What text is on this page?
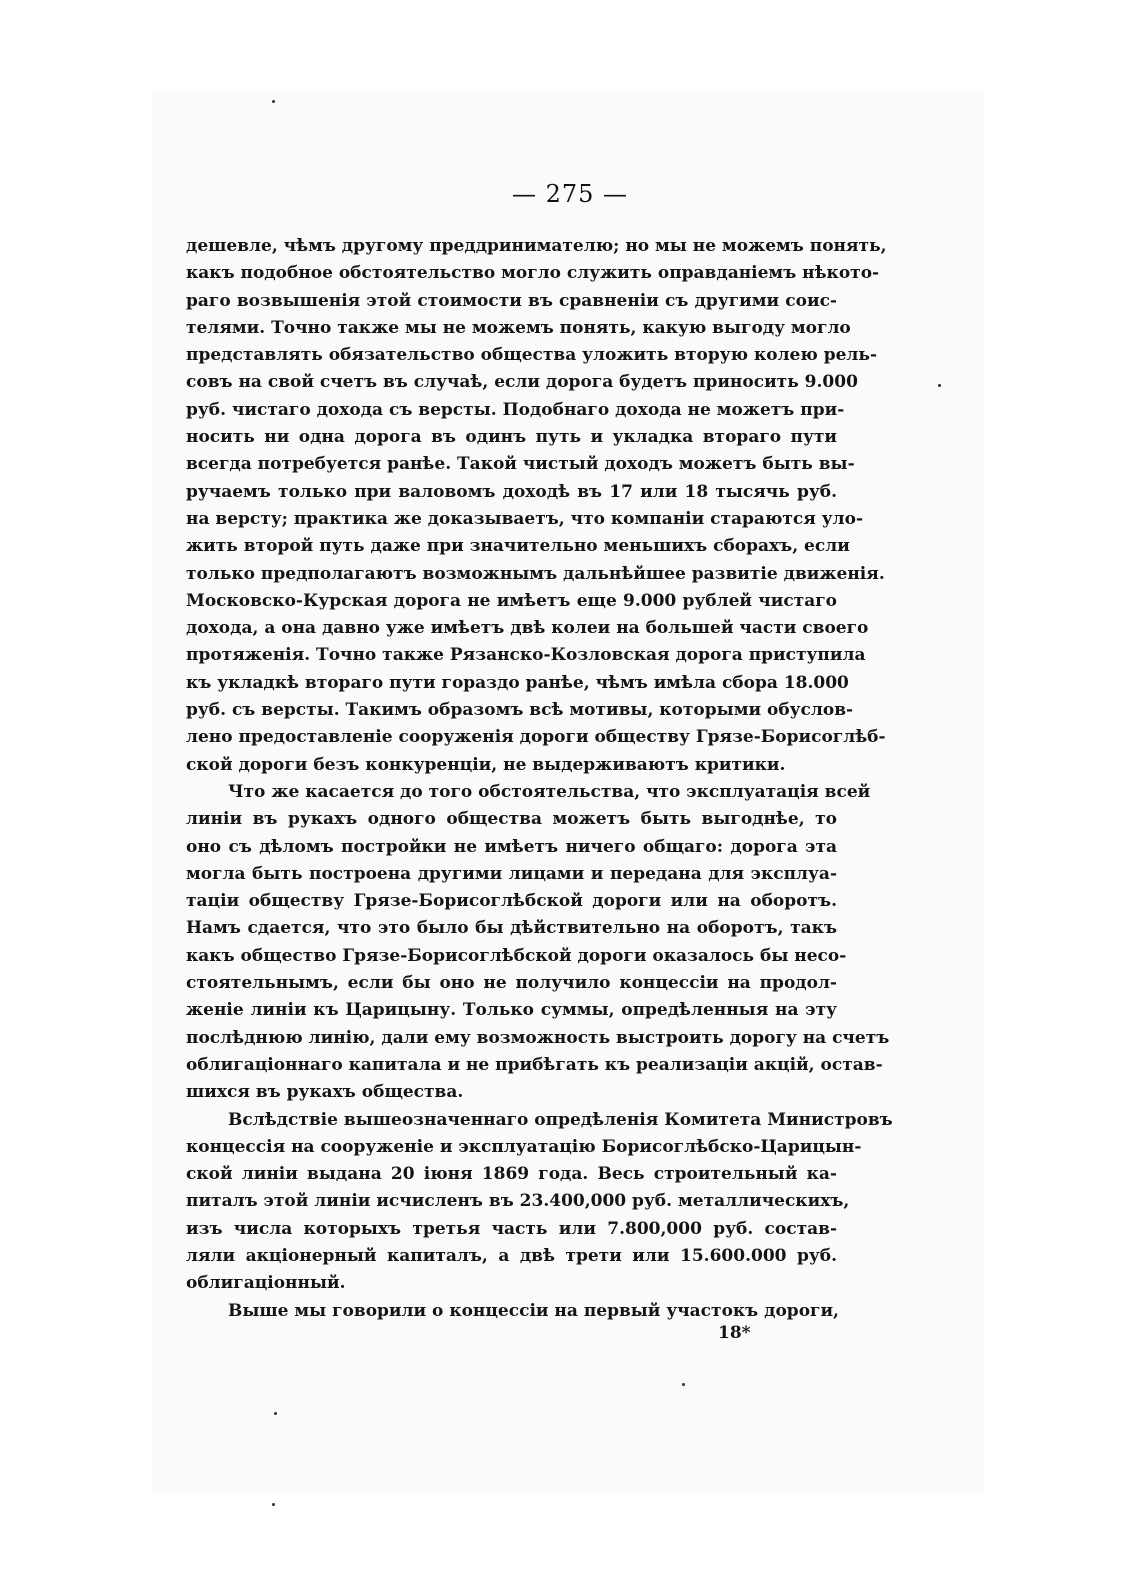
— 275 —
дешевле, чѣмъ другому преддринимателю; но мы не можемъ понять,
какъ подобное обстоятельство могло служить оправданіемъ нѣкото-
раго возвышенія этой стоимости въ сравненіи съ другими соис-
телями. Точно также мы не можемъ понять, какую выгоду могло
представлять обязательство общества уложить вторую колею рель-
совъ на свой счетъ въ случаѣ, если дорога будетъ приносить 9.000
руб. чистаго дохода съ версты. Подобнаго дохода не можетъ при-
носить ни одна дорога въ одинъ путь и укладка вторaго пути
всегда потребуется ранѣе. Такой чистый доходъ можетъ быть вы-
ручаемъ только при валовомъ доходѣ въ 17 или 18 тысячь руб.
на версту; практика же доказываетъ, что компаніи стараются уло-
жить второй путь даже при значительно меньшихъ сборахъ, если
только предполагаютъ возможнымъ дальнѣйшее развитіе движенія.
Московско-Курская дорога не имѣетъ еще 9.000 рублей чистаго
дохода, а она давно уже имѣетъ двѣ колеи на большей части своего
протяженія. Точно также Рязанско-Козловская дорога приступила
къ укладкѣ вторaго пути гораздо ранѣе, чѣмъ имѣла сбора 18.000
руб. съ версты. Такимъ образомъ всѣ мотивы, которыми обуслов-
лено предоставленіе сооруженія дороги обществу Грязе-Борисоглѣб-
ской дороги безъ конкуренціи, не выдерживаютъ критики.
Что же касается до того обстоятельства, что эксплуатація всей
линіи въ рукахъ одного общества можетъ быть выгоднѣе, то
оно съ дѣломъ постройки не имѣетъ ничего общаго: дорога эта
могла быть построена другими лицами и передана для эксплуа-
таціи обществу Грязе-Борисоглѣбской дороги или на оборотъ.
Намъ сдается, что это было бы дѣйствительно на оборотъ, такъ
какъ общество Грязе-Борисоглѣбской дороги оказалось бы несо-
стоятельнымъ, если бы оно не получило концессіи на продол-
женіе линіи къ Царицыну. Только суммы, опредѣленныя на эту
послѣднюю линію, дали ему возможность выстроить дорогу на счетъ
облигаціоннаго капитала и не прибѣгать къ реализаціи акцій, остав-
шихся въ рукахъ общества.
Вслѣдствіе вышеозначеннаго опредѣленія Комитета Министровъ
концессія на сооруженіе и эксплуатацію Борисоглѣбско-Царицын-
ской линіи выдана 20 іюня 1869 года. Весь строительный ка-
питалъ этой линіи исчисленъ въ 23.400,000 руб. металлическихъ,
изъ числа которыхъ третья часть или 7.800,000 руб. состав-
ляли акціонерный капиталъ, а двѣ трети или 15.600.000 руб.
облигаціонный.
Выше мы говорили о концессіи на первый участокъ дороги,
18*
